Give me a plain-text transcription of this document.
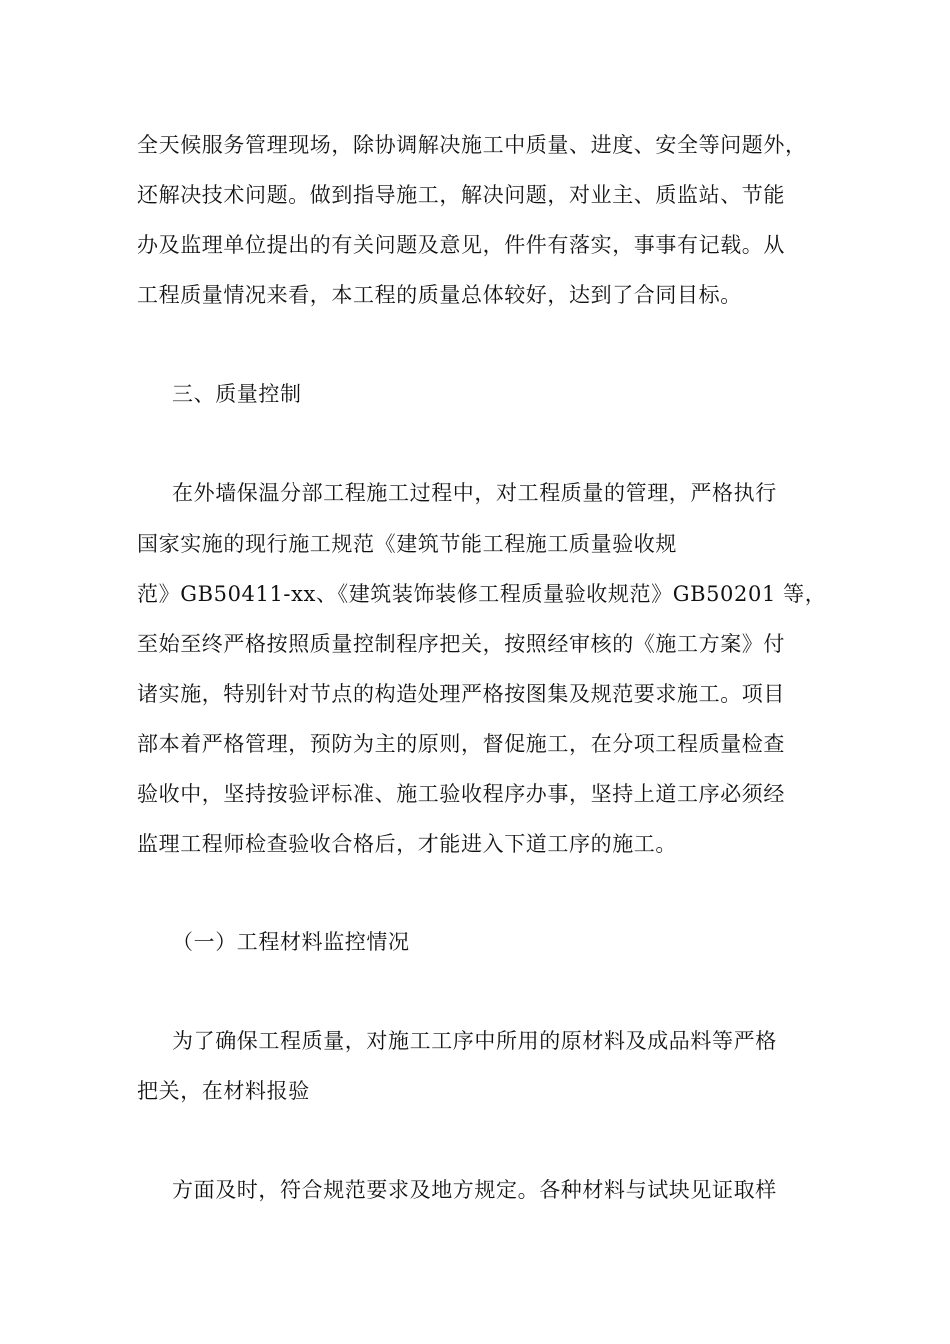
全天候服务管理现场，除协调解决施工中质量、进度、安全等问题外，
还解决技术问题。做到指导施工，解决问题，对业主、质监站、节能
办及监理单位提出的有关问题及意见，件件有落实，事事有记载。从
工程质量情况来看，本工程的质量总体较好，达到了合同目标。
三、质量控制
在外墙保温分部工程施工过程中，对工程质量的管理，严格执行
国家实施的现行施工规范《建筑节能工程施工质量验收规
范》GB50411-xx、《建筑装饰装修工程质量验收规范》GB50201 等，
至始至终严格按照质量控制程序把关，按照经审核的《施工方案》付
诸实施，特别针对节点的构造处理严格按图集及规范要求施工。项目
部本着严格管理，预防为主的原则，督促施工，在分项工程质量检查
验收中，坚持按验评标准、施工验收程序办事，坚持上道工序必须经
监理工程师检查验收合格后，才能进入下道工序的施工。
（一）工程材料监控情况
为了确保工程质量，对施工工序中所用的原材料及成品料等严格
把关，在材料报验
方面及时，符合规范要求及地方规定。各种材料与试块见证取样
